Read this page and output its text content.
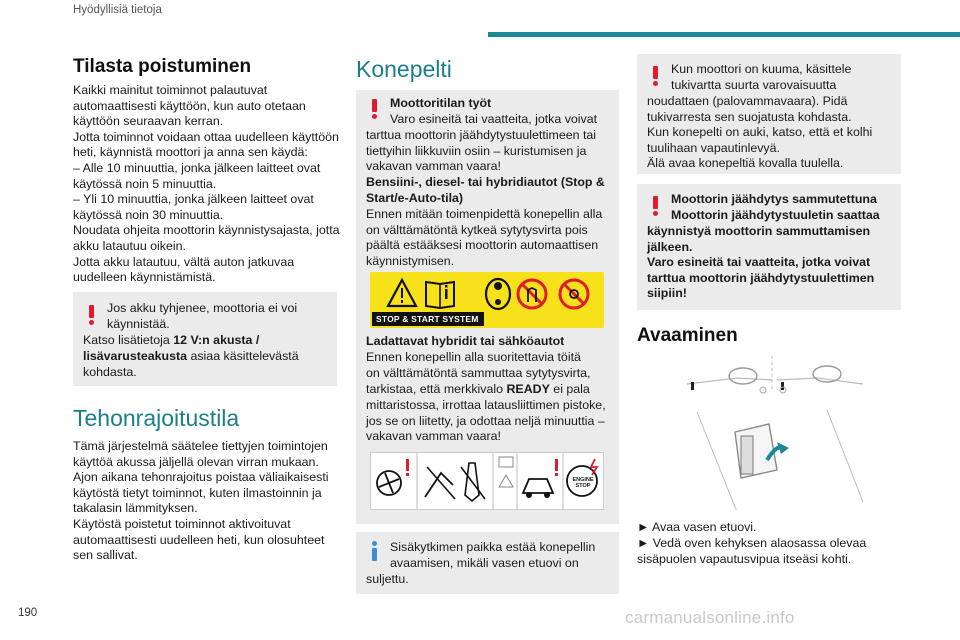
Hyödyllisiä tietoja
190	carmanualsonline.info
Tilasta poistuminen
Kaikki mainitut toiminnot palautuvat
automaattisesti käyttöön, kun auto otetaan
käyttöön seuraavan kerran.
Jotta toiminnot voidaan ottaa uudelleen käyttöön
heti, käynnistä moottori ja anna sen käydä:
– Alle 10 minuuttia, jonka jälkeen laitteet ovat
käytössä noin 5 minuuttia.
– Yli 10 minuuttia, jonka jälkeen laitteet ovat
käytössä noin 30 minuuttia.
Noudata ohjeita moottorin käynnistysajasta, jotta
akku latautuu oikein.
Jotta akku latautuu, vältä auton jatkuvaa
uudelleen käynnistämistä.
Jos akku tyhjenee, moottoria ei voi
käynnistää.
Katso lisätietoja 12 V:n akusta /
lisävarusteakusta asiaa käsittelevästä
kohdasta.
Tehonrajoitustila
Tämä järjestelmä säätelee tiettyjen toimintojen
käyttöä akussa jäljellä olevan virran mukaan.
Ajon aikana tehonrajoitus poistaa väliaikaisesti
käytöstä tietyt toiminnot, kuten ilmastoinnin ja
takalasin lämmityksen.
Käytöstä poistetut toiminnot aktivoituvat
automaattisesti uudelleen heti, kun olosuhteet
sen sallivat.
Konepelti
Moottoritilan työt
Varo esineitä tai vaatteita, jotka voivat
tarttua moottorin jäähdytystuulettimeen tai
tiettyihin liikkuviin osiin – kuristumisen ja
vakavan vamman vaara!
Bensiini-, diesel- tai hybridiautot (Stop &
Start/e-Auto-tila)
Ennen mitään toimenpidettä konepellin alla
on välttämätöntä kytkeä sytytysvirta pois
päältä estääksesi moottorin automaattisen
käynnistymisen.
STOP & START SYSTEM
Ladattavat hybridit tai sähköautot
Ennen konepellin alla suoritettavia töitä
on välttämätöntä sammuttaa sytytysvirta,
tarkistaa, että merkkivalo READY ei pala
mittaristossa, irrottaa latausliittimen pistoke,
jos se on liitetty, ja odottaa neljä minuuttia –
vakavan vamman vaara!
ENGINE
STOP
Sisäkytkimen paikka estää konepellin
avaamisen, mikäli vasen etuovi on
suljettu.
Kun moottori on kuuma, käsittele
tukivartta suurta varovaisuutta
noudattaen (palovammavaara). Pidä
tukivarresta sen suojatusta kohdasta.
Kun konepelti on auki, katso, että et kolhi
tuulihaan vapautinlevyä.
Älä avaa konepeltiä kovalla tuulella.
Moottorin jäähdytys sammutettuna
Moottorin jäähdytystuuletin saattaa
käynnistyä moottorin sammuttamisen
jälkeen.
Varo esineitä tai vaatteita, jotka voivat
tarttua moottorin jäähdytystuulettimen
siipiin!
Avaaminen
► Avaa vasen etuovi.
► Vedä oven kehyksen alaosassa olevaa
sisäpuolen vapautusvipua itseäsi kohti.
